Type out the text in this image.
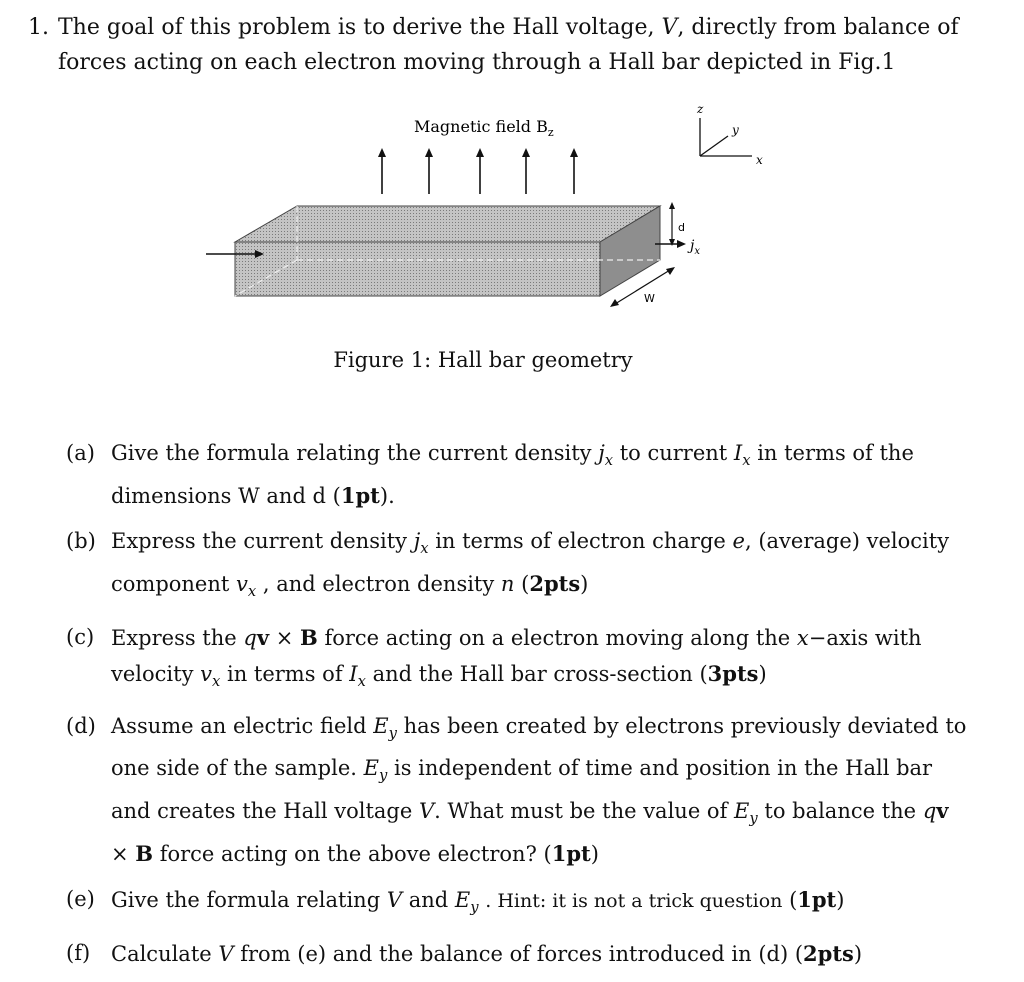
1. The goal of this problem is to derive the Hall voltage, V, directly from balance of forces acting on each electron moving through a Hall bar depicted in Fig.1
Magnetic field $B_z$
z
y
x
$j_x$
d
W
Figure 1: Hall bar geometry
(a) Give the formula relating the current density $j_x$ to current $I_x$ in terms of the dimensions W and d (1pt).
(b) Express the current density $j_x$ in terms of electron charge e, (average) velocity component $v_x$ , and electron density n (2pts)
(c) Express the qv × B force acting on a electron moving along the x−axis with velocity $v_x$ in terms of $I_x$ and the Hall bar cross-section (3pts)
(d) Assume an electric field $E_y$ has been created by electrons previously deviated to one side of the sample. $E_y$ is independent of time and position in the Hall bar and creates the Hall voltage V. What must be the value of $E_y$ to balance the qv × B force acting on the above electron? (1pt)
(e) Give the formula relating V and $E_y$ . Hint: it is not a trick question (1pt)
(f) Calculate V from (e) and the balance of forces introduced in (d) (2pts)
